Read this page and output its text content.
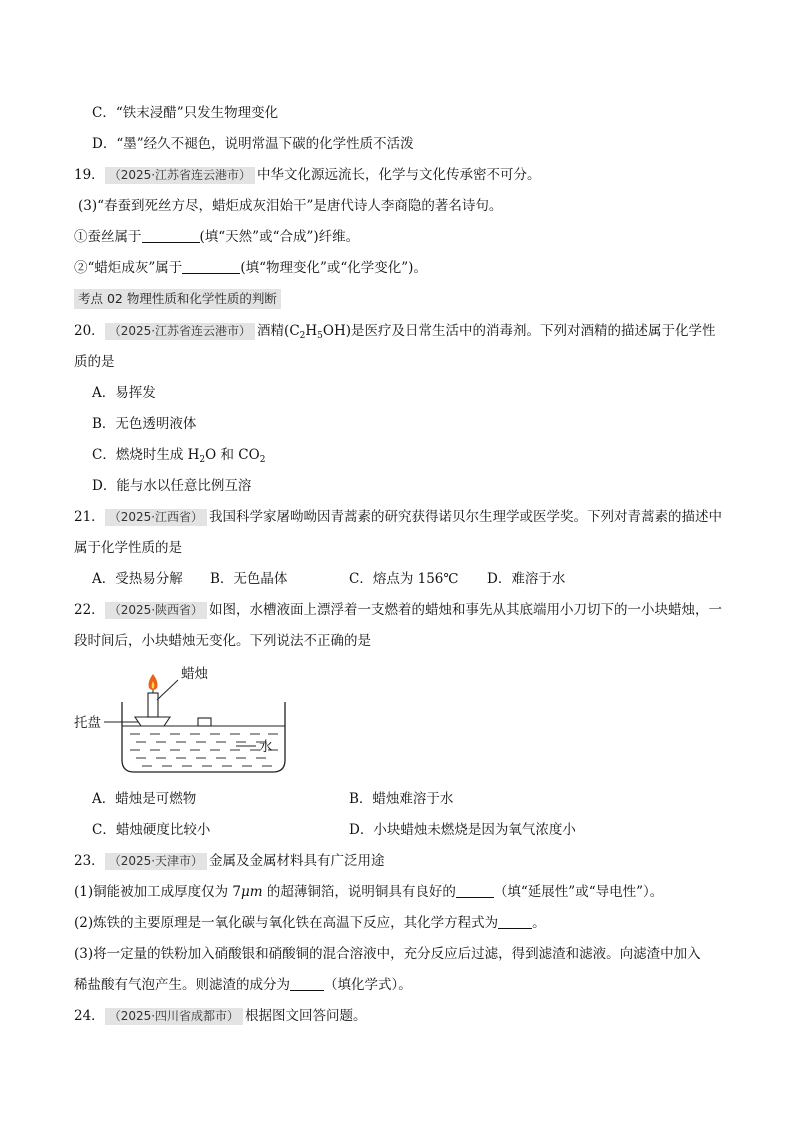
C．“铁末浸醋”只发生物理变化
D．“墨”经久不褪色，说明常温下碳的化学性质不活泼
19． （2025·江苏省连云港市） 中华文化源远流长，化学与文化传承密不可分。
(3)“春蚕到死丝方尽，蜡炬成灰泪始干”是唐代诗人李商隐的著名诗句。
①蚕丝属于	(填“天然”或“合成”)纤维。
②“蜡炬成灰”属于	(填“物理变化”或“化学变化”)。
考点 02 物理性质和化学性质的判断
20． （2025·江苏省连云港市） 酒精$(C_2H_5OH)$是医疗及日常生活中的消毒剂。下列对酒精的描述属于化学性
质的是
A．易挥发
B．无色透明液体
C．燃烧时生成 $H_2O$ 和 $CO_2$
D．能与水以任意比例互溶
21． （2025·江西省） 我国科学家屠呦呦因青蒿素的研究获得诺贝尔生理学或医学奖。下列对青蒿素的描述中
属于化学性质的是
A．受热易分解 B．无色晶体	C．熔点为 156℃ D．难溶于水
22． （2025·陕西省） 如图，水槽液面上漂浮着一支燃着的蜡烛和事先从其底端用小刀切下的一小块蜡烛，一
段时间后，小块蜡烛无变化。下列说法不正确的是
蜡烛
托盘
水
A．蜡烛是可燃物	B．蜡烛难溶于水
C．蜡烛硬度比较小	D．小块蜡烛未燃烧是因为氧气浓度小
23． （2025·天津市） 金属及金属材料具有广泛用途
(1)铜能被加工成厚度仅为 7μm 的超薄铜箔，说明铜具有良好的	（填“延展性”或“导电性”）。
(2)炼铁的主要原理是一氧化碳与氧化铁在高温下反应，其化学方程式为	。
(3)将一定量的铁粉加入硝酸银和硝酸铜的混合溶液中，充分反应后过滤，得到滤渣和滤液。向滤渣中加入
稀盐酸有气泡产生。则滤渣的成分为	（填化学式）。
24． （2025·四川省成都市） 根据图文回答问题。
